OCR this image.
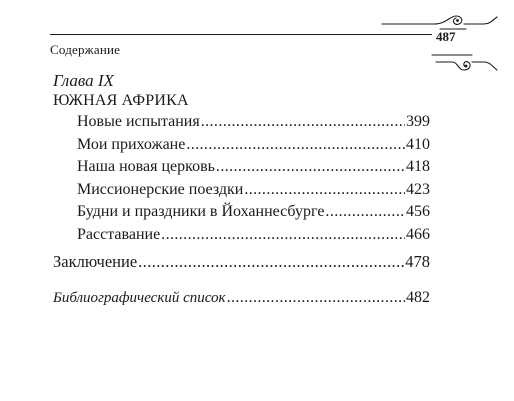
487
Содержание
Глава IX
ЮЖНАЯ АФРИКА
Новые испытания .....	399
Мои прихожане .....	410
Наша новая церковь .....	418
Миссионерские поездки .....	423
Будни и праздники в Йоханнесбурге .....	456
Расставание .....	466
Заключение .....	478
Библиографический список .....	482
